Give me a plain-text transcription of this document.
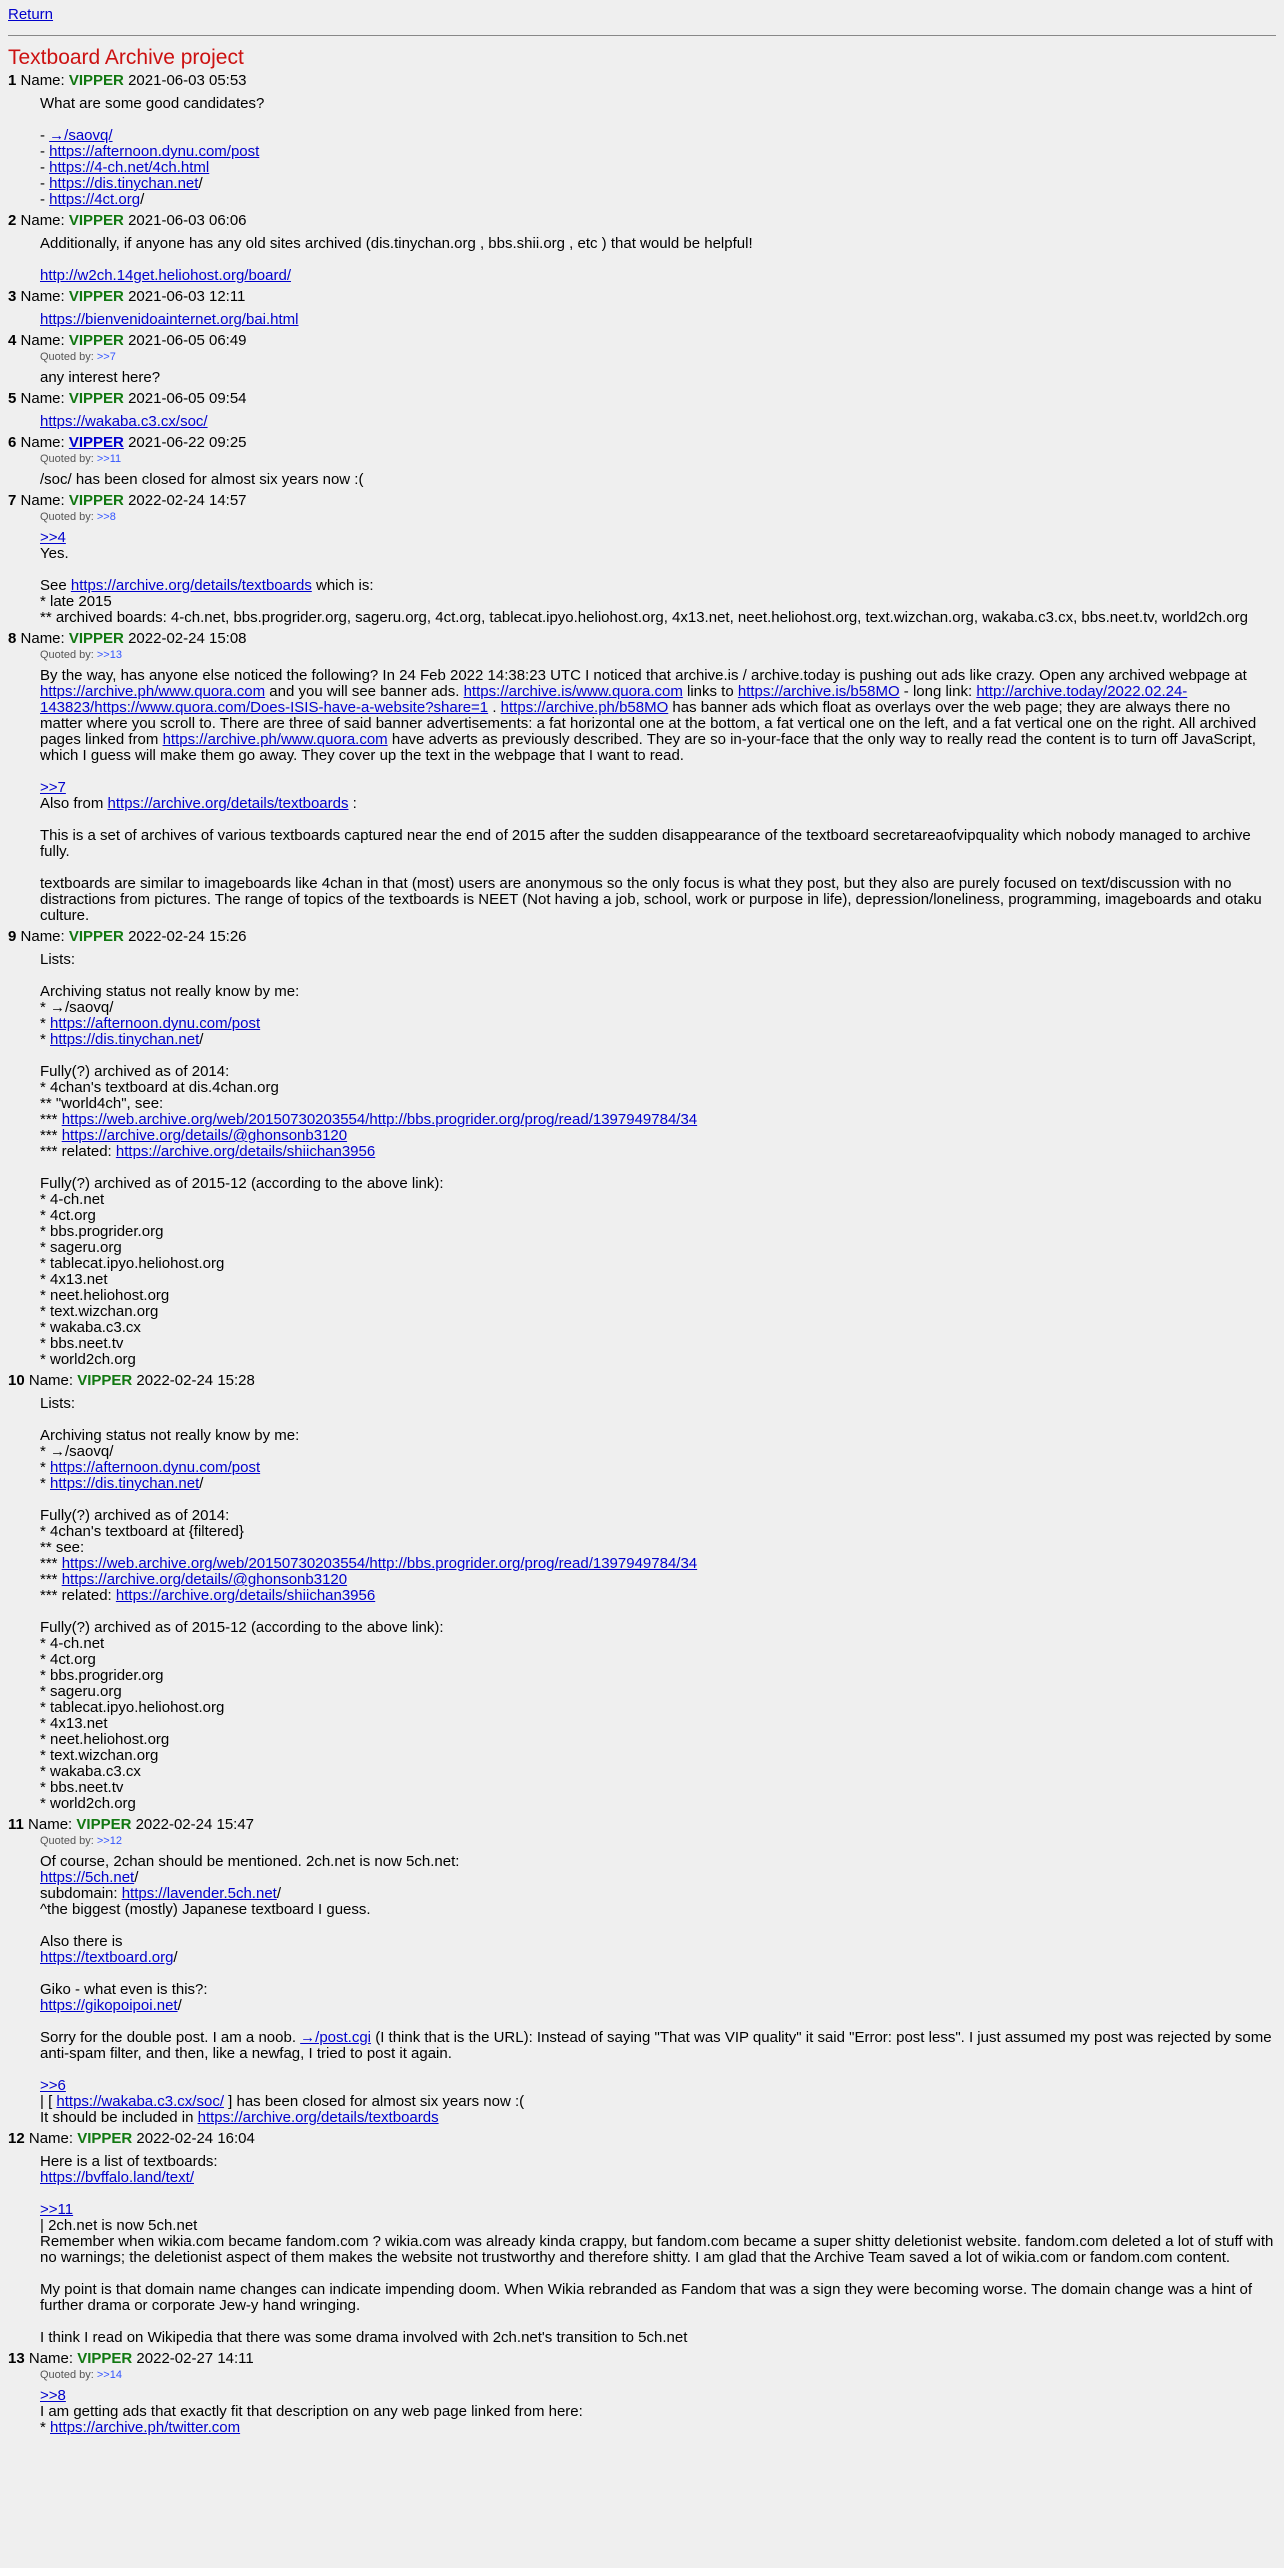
Return
Textboard Archive project
1 Name: VIPPER 2021-06-03 05:53
What are some good candidates?
- →/saovq/
- https://afternoon.dynu.com/post
- https://4-ch.net/4ch.html
- https://dis.tinychan.net/
- https://4ct.org/
2 Name: VIPPER 2021-06-03 06:06
Additionally, if anyone has any old sites archived (dis.tinychan.org , bbs.shii.org , etc ) that would be helpful!
http://w2ch.14get.heliohost.org/board/
3 Name: VIPPER 2021-06-03 12:11
https://bienvenidoainternet.org/bai.html
4 Name: VIPPER 2021-06-05 06:49
Quoted by: >>7
any interest here?
5 Name: VIPPER 2021-06-05 09:54
https://wakaba.c3.cx/soc/
6 Name: VIPPER 2021-06-22 09:25
Quoted by: >>11
/soc/ has been closed for almost six years now :(
7 Name: VIPPER 2022-02-24 14:57
Quoted by: >>8
>>4
Yes.
See https://archive.org/details/textboards which is:
* late 2015
** archived boards: 4-ch.net, bbs.progrider.org, sageru.org, 4ct.org, tablecat.ipyo.heliohost.org, 4x13.net, neet.heliohost.org, text.wizchan.org, wakaba.c3.cx, bbs.neet.tv, world2ch.org
8 Name: VIPPER 2022-02-24 15:08
Quoted by: >>13
By the way, has anyone else noticed the following? In 24 Feb 2022 14:38:23 UTC I noticed that archive.is / archive.today is pushing out ads like crazy. Open any archived webpage at https://archive.ph/www.quora.com and you will see banner ads. https://archive.is/www.quora.com links to https://archive.is/b58MO - long link: http://archive.today/2022.02.24-143823/https://www.quora.com/Does-ISIS-have-a-website?share=1 . https://archive.ph/b58MO has banner ads which float as overlays over the web page; they are always there no matter where you scroll to. There are three of said banner advertisements: a fat horizontal one at the bottom, a fat vertical one on the left, and a fat vertical one on the right. All archived pages linked from https://archive.ph/www.quora.com have adverts as previously described. They are so in-your-face that the only way to really read the content is to turn off JavaScript, which I guess will make them go away. They cover up the text in the webpage that I want to read.
>>7
Also from https://archive.org/details/textboards :
This is a set of archives of various textboards captured near the end of 2015 after the sudden disappearance of the textboard secretareaofvipquality which nobody managed to archive fully.
textboards are similar to imageboards like 4chan in that (most) users are anonymous so the only focus is what they post, but they also are purely focused on text/discussion with no distractions from pictures. The range of topics of the textboards is NEET (Not having a job, school, work or purpose in life), depression/loneliness, programming, imageboards and otaku culture.
9 Name: VIPPER 2022-02-24 15:26
Lists:
Archiving status not really know by me:
* →/saovq/
* https://afternoon.dynu.com/post
* https://dis.tinychan.net/
Fully(?) archived as of 2014:
* 4chan's textboard at dis.4chan.org
** "world4ch", see:
*** https://web.archive.org/web/20150730203554/http://bbs.progrider.org/prog/read/1397949784/34
*** https://archive.org/details/@ghonsonb3120
*** related: https://archive.org/details/shiichan3956
Fully(?) archived as of 2015-12 (according to the above link):
* 4-ch.net
* 4ct.org
* bbs.progrider.org
* sageru.org
* tablecat.ipyo.heliohost.org
* 4x13.net
* neet.heliohost.org
* text.wizchan.org
* wakaba.c3.cx
* bbs.neet.tv
* world2ch.org
10 Name: VIPPER 2022-02-24 15:28
Lists:
Archiving status not really know by me:
* →/saovq/
* https://afternoon.dynu.com/post
* https://dis.tinychan.net/
Fully(?) archived as of 2014:
* 4chan's textboard at {filtered}
** see:
*** https://web.archive.org/web/20150730203554/http://bbs.progrider.org/prog/read/1397949784/34
*** https://archive.org/details/@ghonsonb3120
*** related: https://archive.org/details/shiichan3956
Fully(?) archived as of 2015-12 (according to the above link):
* 4-ch.net
* 4ct.org
* bbs.progrider.org
* sageru.org
* tablecat.ipyo.heliohost.org
* 4x13.net
* neet.heliohost.org
* text.wizchan.org
* wakaba.c3.cx
* bbs.neet.tv
* world2ch.org
11 Name: VIPPER 2022-02-24 15:47
Quoted by: >>12
Of course, 2chan should be mentioned. 2ch.net is now 5ch.net:
https://5ch.net/
subdomain: https://lavender.5ch.net/
^the biggest (mostly) Japanese textboard I guess.
Also there is
https://textboard.org/
Giko - what even is this?:
https://gikopoipoi.net/
Sorry for the double post. I am a noob. →/post.cgi (I think that is the URL): Instead of saying "That was VIP quality" it said "Error: post less". I just assumed my post was rejected by some anti-spam filter, and then, like a newfag, I tried to post it again.
>>6
| [ https://wakaba.c3.cx/soc/ ] has been closed for almost six years now :(
It should be included in https://archive.org/details/textboards
12 Name: VIPPER 2022-02-24 16:04
Here is a list of textboards:
https://bvffalo.land/text/
>>11
| 2ch.net is now 5ch.net
Remember when wikia.com became fandom.com ? wikia.com was already kinda crappy, but fandom.com became a super shitty deletionist website. fandom.com deleted a lot of stuff with no warnings; the deletionist aspect of them makes the website not trustworthy and therefore shitty. I am glad that the Archive Team saved a lot of wikia.com or fandom.com content.
My point is that domain name changes can indicate impending doom. When Wikia rebranded as Fandom that was a sign they were becoming worse. The domain change was a hint of further drama or corporate Jew-y hand wringing.
I think I read on Wikipedia that there was some drama involved with 2ch.net's transition to 5ch.net
13 Name: VIPPER 2022-02-27 14:11
Quoted by: >>14
>>8
I am getting ads that exactly fit that description on any web page linked from here:
* https://archive.ph/twitter.com
